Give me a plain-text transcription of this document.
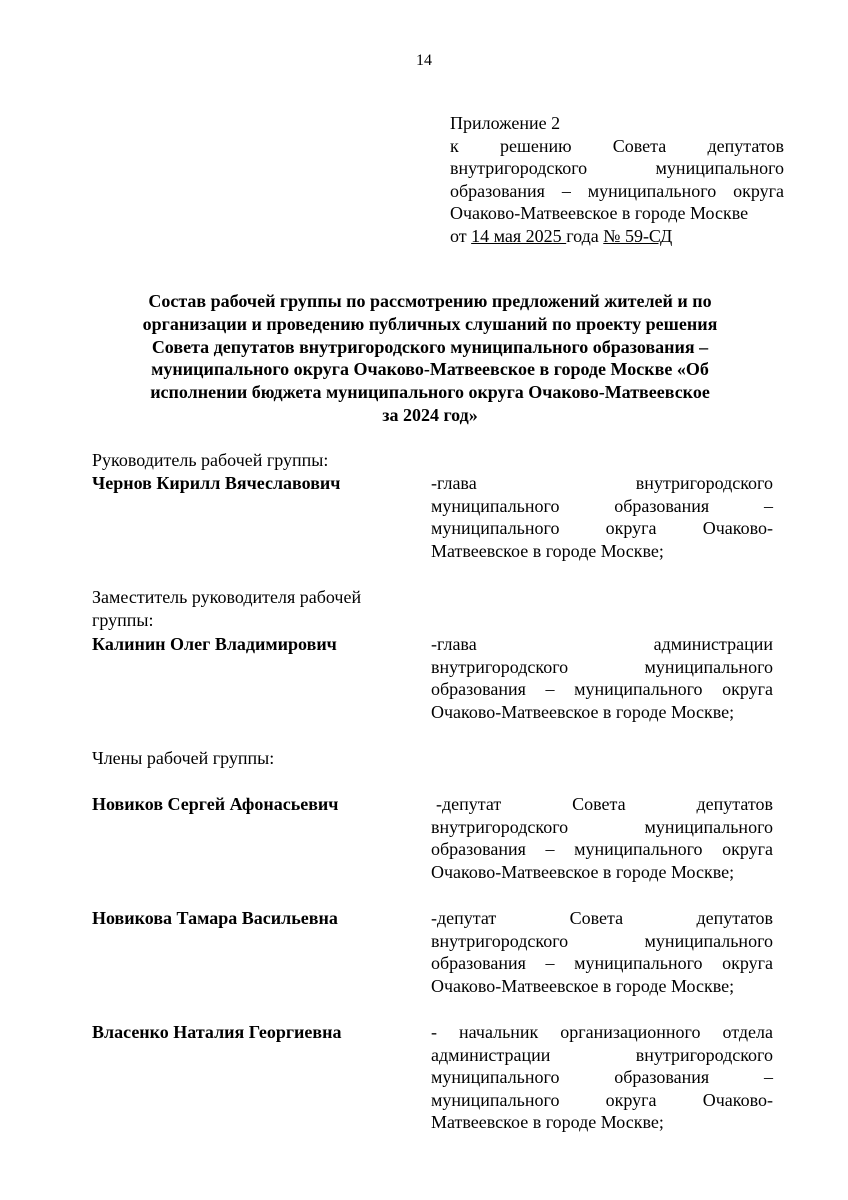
14
Приложение 2
к решению Совета депутатов
внутригородского муниципального
образования – муниципального округа
Очаково-Матвеевское в городе Москве
от 14 мая 2025 года № 59-СД
Состав рабочей группы по рассмотрению предложений жителей и по
организации и проведению публичных слушаний по проекту решения
Совета депутатов внутригородского муниципального образования –
муниципального округа Очаково-Матвеевское в городе Москве «Об
исполнении бюджета муниципального округа Очаково-Матвеевское
за 2024 год»
Руководитель рабочей группы:
Чернов Кирилл Вячеславович	-глава внутригородского
муниципального образования –
муниципального округа Очаково-
Матвеевское в городе Москве;
Заместитель руководителя рабочей
группы:
Калинин Олег Владимирович	-глава администрации
внутригородского муниципального
образования – муниципального округа
Очаково-Матвеевское в городе Москве;
Члены рабочей группы:
Новиков Сергей Афонасьевич	-депутат Совета депутатов
внутригородского муниципального
образования – муниципального округа
Очаково-Матвеевское в городе Москве;
Новикова Тамара Васильевна	-депутат Совета депутатов
внутригородского муниципального
образования – муниципального округа
Очаково-Матвеевское в городе Москве;
Власенко Наталия Георгиевна	- начальник организационного отдела
администрации внутригородского
муниципального образования –
муниципального округа Очаково-
Матвеевское в городе Москве;
